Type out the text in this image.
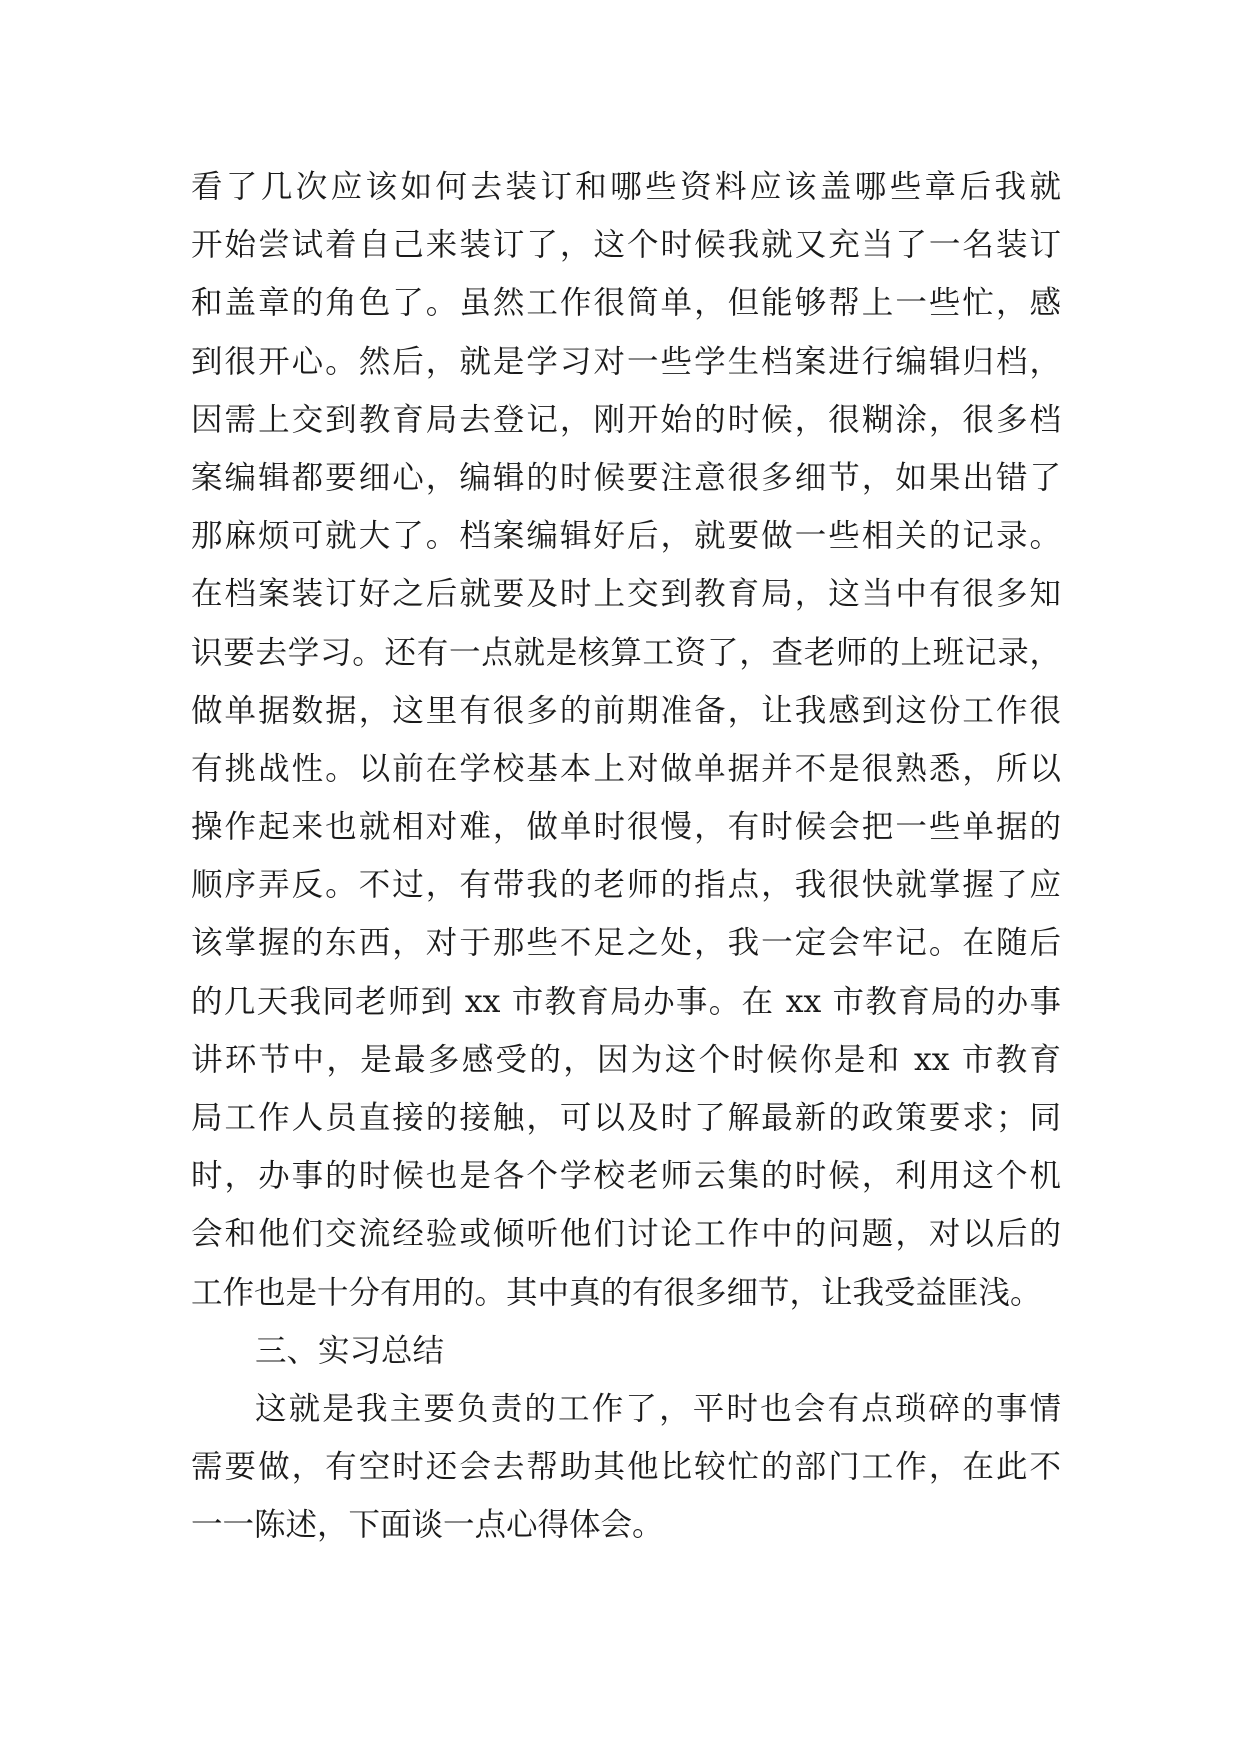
看了几次应该如何去装订和哪些资料应该盖哪些章后我就
开始尝试着自己来装订了，这个时候我就又充当了一名装订
和盖章的角色了。虽然工作很简单，但能够帮上一些忙，感
到很开心。然后，就是学习对一些学生档案进行编辑归档，
因需上交到教育局去登记，刚开始的时候，很糊涂，很多档
案编辑都要细心，编辑的时候要注意很多细节，如果出错了
那麻烦可就大了。档案编辑好后，就要做一些相关的记录。
在档案装订好之后就要及时上交到教育局，这当中有很多知
识要去学习。还有一点就是核算工资了，查老师的上班记录，
做单据数据，这里有很多的前期准备，让我感到这份工作很
有挑战性。以前在学校基本上对做单据并不是很熟悉，所以
操作起来也就相对难，做单时很慢，有时候会把一些单据的
顺序弄反。不过，有带我的老师的指点，我很快就掌握了应
该掌握的东西，对于那些不足之处，我一定会牢记。在随后
的几天我同老师到 xx 市教育局办事。在 xx 市教育局的办事
讲环节中，是最多感受的，因为这个时候你是和 xx 市教育
局工作人员直接的接触，可以及时了解最新的政策要求；同
时，办事的时候也是各个学校老师云集的时候，利用这个机
会和他们交流经验或倾听他们讨论工作中的问题，对以后的
工作也是十分有用的。其中真的有很多细节，让我受益匪浅。
三、实习总结
这就是我主要负责的工作了，平时也会有点琐碎的事情
需要做，有空时还会去帮助其他比较忙的部门工作，在此不
一一陈述，下面谈一点心得体会。
